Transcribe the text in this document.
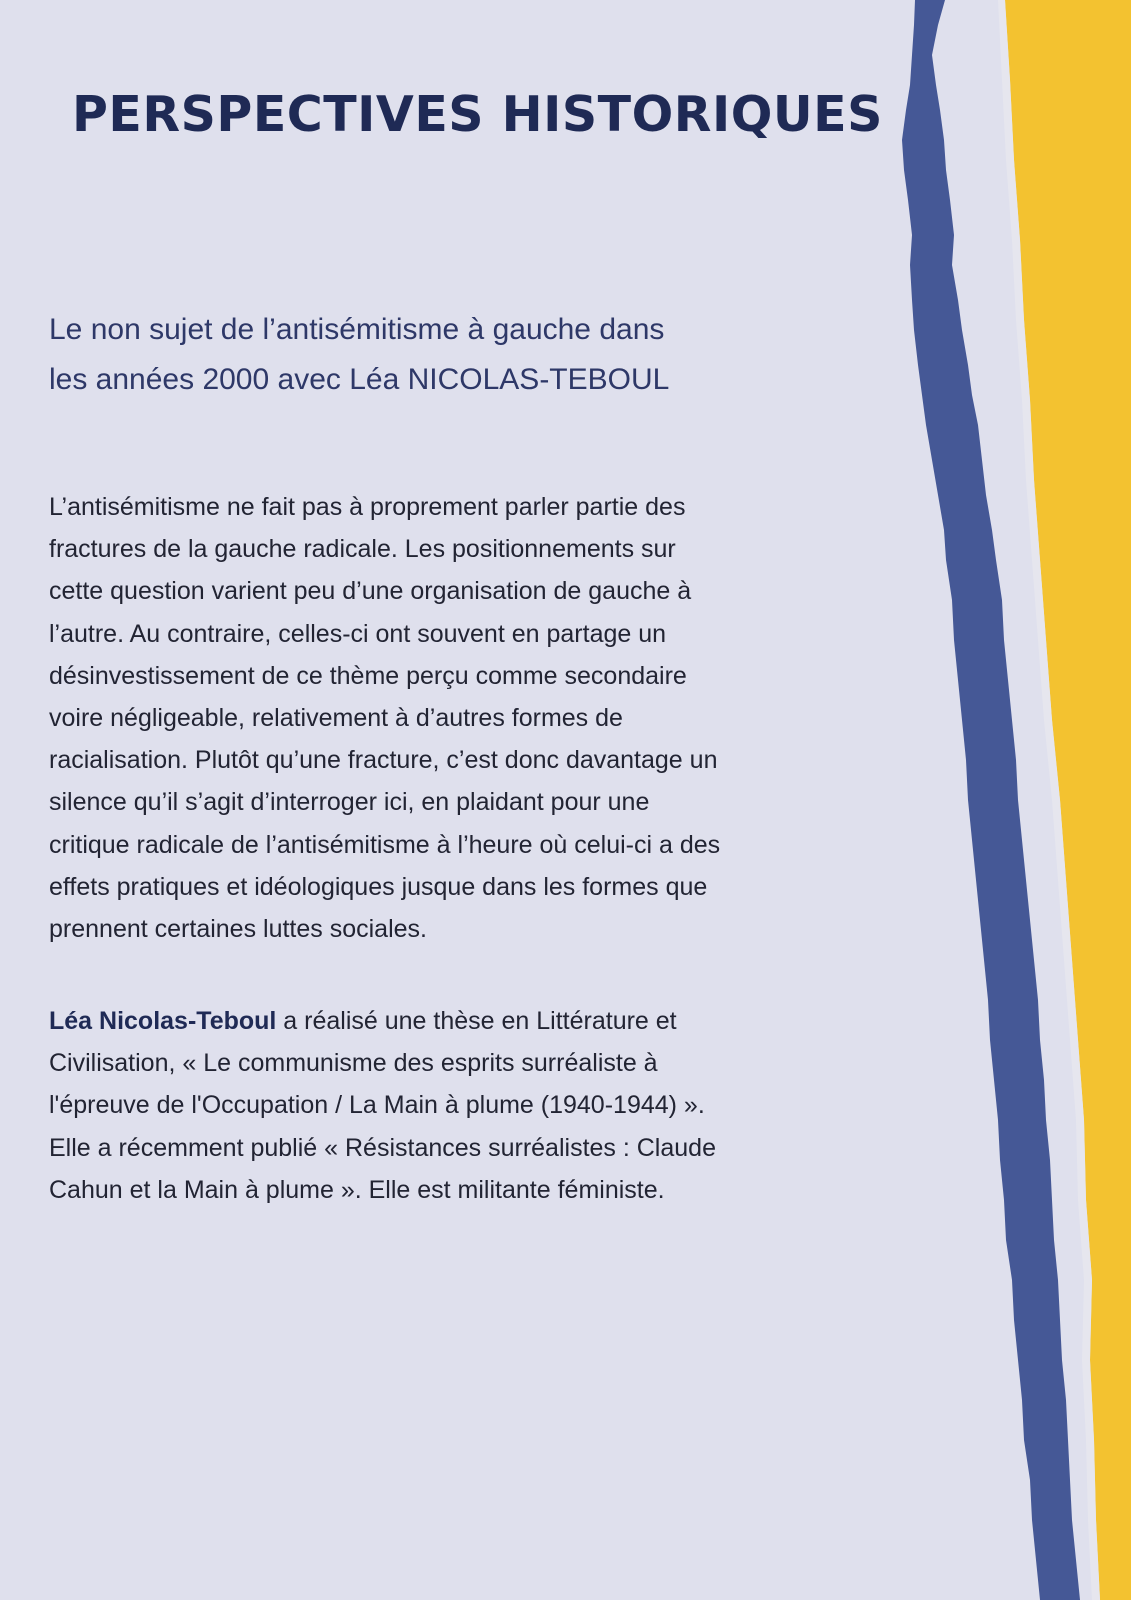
PERSPECTIVES HISTORIQUES
Le non sujet de l’antisémitisme à gauche dans
les années 2000 avec Léa NICOLAS-TEBOUL
L’antisémitisme ne fait pas à proprement parler partie des
fractures de la gauche radicale. Les positionnements sur
cette question varient peu d’une organisation de gauche à
l’autre. Au contraire, celles-ci ont souvent en partage un
désinvestissement de ce thème perçu comme secondaire
voire négligeable, relativement à d’autres formes de
racialisation. Plutôt qu’une fracture, c’est donc davantage un
silence qu’il s’agit d’interroger ici, en plaidant pour une
critique radicale de l’antisémitisme à l’heure où celui-ci a des
effets pratiques et idéologiques jusque dans les formes que
prennent certaines luttes sociales.
Léa Nicolas-Teboul a réalisé une thèse en Littérature et
Civilisation, « Le communisme des esprits surréaliste à
l'épreuve de l'Occupation / La Main à plume (1940-1944) ».
Elle a récemment publié « Résistances surréalistes : Claude
Cahun et la Main à plume ». Elle est militante féministe.
